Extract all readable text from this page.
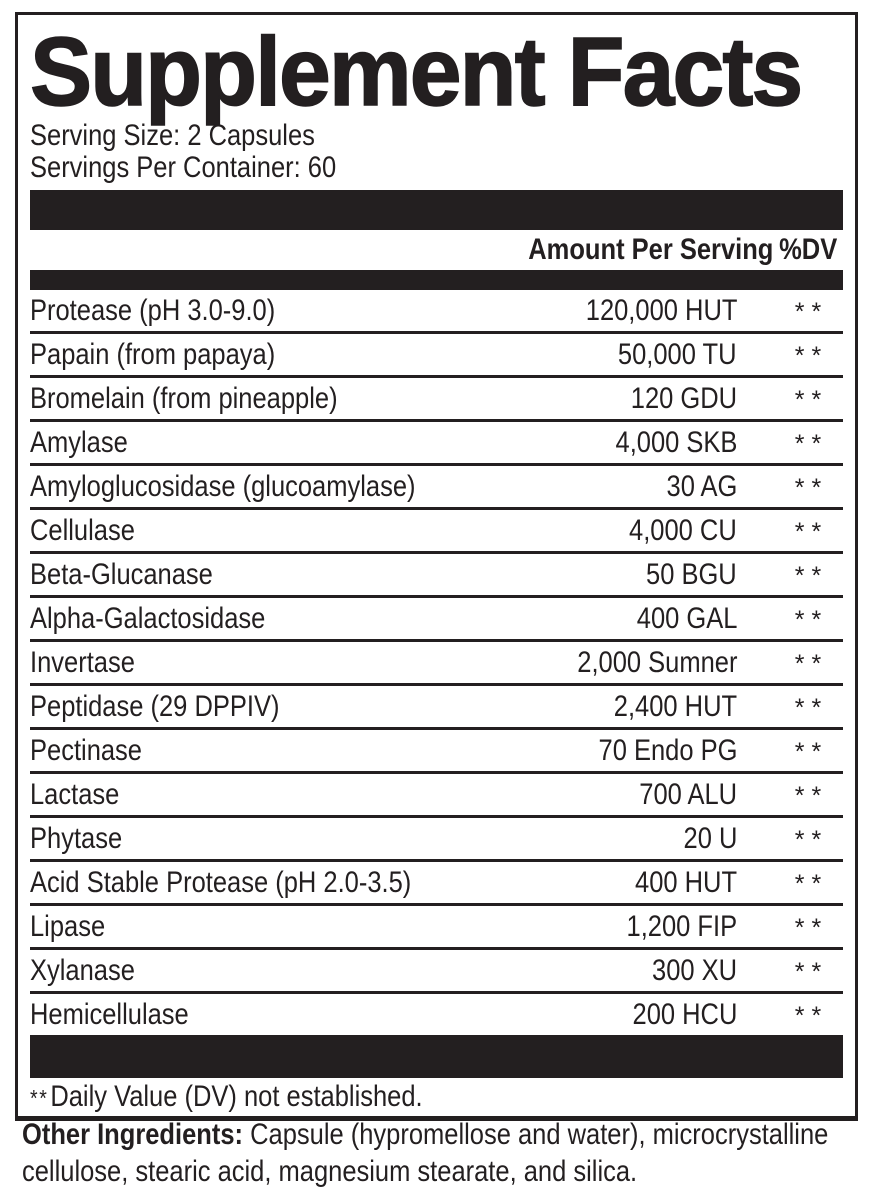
Supplement Facts
Serving Size: 2 Capsules
Servings Per Container: 60
Amount Per Serving %DV
Protease (pH 3.0-9.0)	120,000 HUT	**
Papain (from papaya)	50,000 TU	**
Bromelain (from pineapple)	120 GDU	**
Amylase	4,000 SKB	**
Amyloglucosidase (glucoamylase)	30 AG	**
Cellulase	4,000 CU	**
Beta-Glucanase	50 BGU	**
Alpha-Galactosidase	400 GAL	**
Invertase	2,000 Sumner	**
Peptidase (29 DPPIV)	2,400 HUT	**
Pectinase	70 Endo PG	**
Lactase	700 ALU	**
Phytase	20 U	**
Acid Stable Protease (pH 2.0-3.5)	400 HUT	**
Lipase	1,200 FIP	**
Xylanase	300 XU	**
Hemicellulase	200 HCU	**
**Daily Value (DV) not established.
Other Ingredients: Capsule (hypromellose and water), microcrystalline cellulose, stearic acid, magnesium stearate, and silica.
